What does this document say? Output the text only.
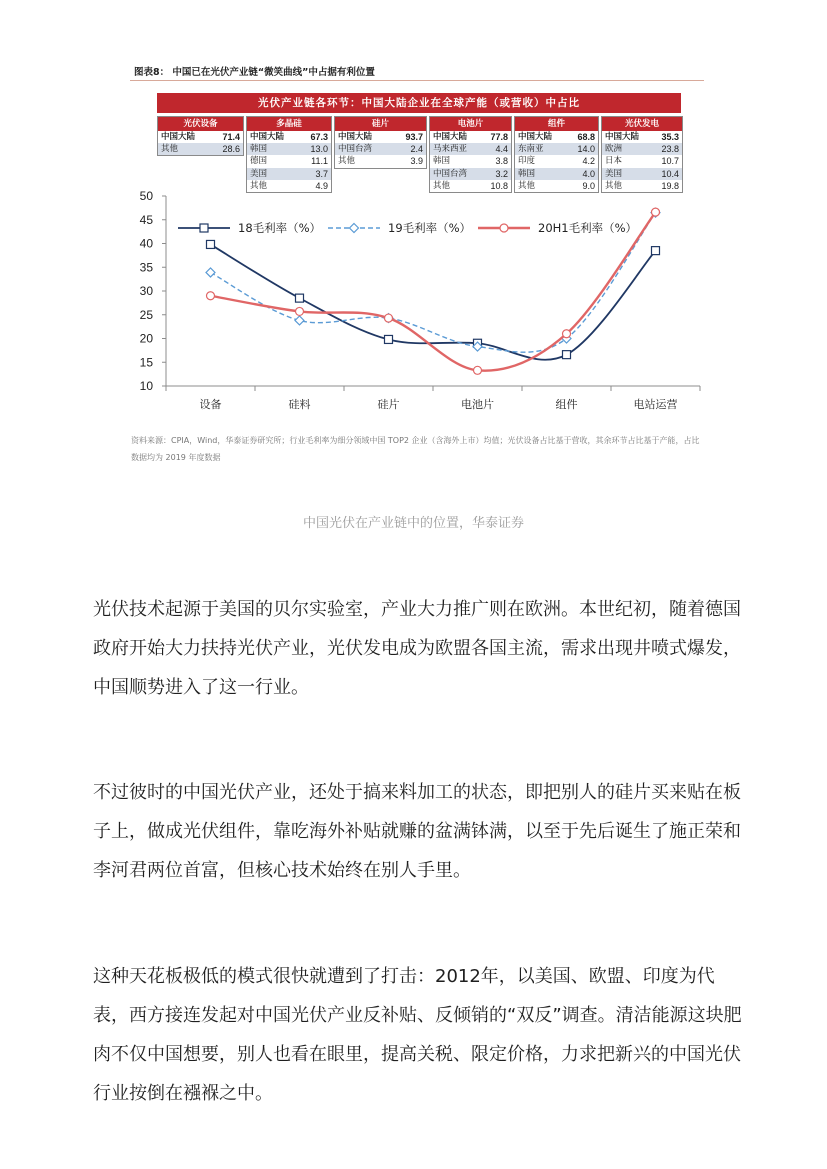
图表8： 中国已在光伏产业链“微笑曲线”中占据有利位置
光伏产业链各环节：中国大陆企业在全球产能（或营收）中占比
光伏设备
中国大陆	71.4
其他	28.6
多晶硅
中国大陆	67.3
韩国	13.0
德国	11.1
美国	3.7
其他	4.9
硅片
中国大陆	93.7
中国台湾	2.4
其他	3.9
电池片
中国大陆	77.8
马来西亚	4.4
韩国	3.8
中国台湾	3.2
其他	10.8
组件
中国大陆	68.8
东南亚	14.0
印度	4.2
韩国	4.0
其他	9.0
光伏发电
中国大陆 35.3
欧洲	23.8
日本	10.7
美国	10.4
其他	19.8
10
15
20
25
30
35
40
45
50
设备	硅料	硅片	电池片	组件	电站运营
18毛利率（%）	19毛利率（%）	20H1毛利率（%）
资料来源：CPIA，Wind，华泰证券研究所；行业毛利率为细分领域中国 TOP2 企业（含海外上市）均值；光伏设备占比基于营收，其余环节占比基于产能，占比数据均为 2019 年度数据
中国光伏在产业链中的位置，华泰证券
光伏技术起源于美国的贝尔实验室，产业大力推广则在欧洲。本世纪初，随着德国政府开始大力扶持光伏产业，光伏发电成为欧盟各国主流，需求出现井喷式爆发，中国顺势进入了这一行业。
不过彼时的中国光伏产业，还处于搞来料加工的状态，即把别人的硅片买来贴在板子上，做成光伏组件，靠吃海外补贴就赚的盆满钵满，以至于先后诞生了施正荣和李河君两位首富，但核心技术始终在别人手里。
这种天花板极低的模式很快就遭到了打击：2012年，以美国、欧盟、印度为代表，西方接连发起对中国光伏产业反补贴、反倾销的“双反”调查。清洁能源这块肥肉不仅中国想要，别人也看在眼里，提高关税、限定价格，力求把新兴的中国光伏行业按倒在襁褓之中。
